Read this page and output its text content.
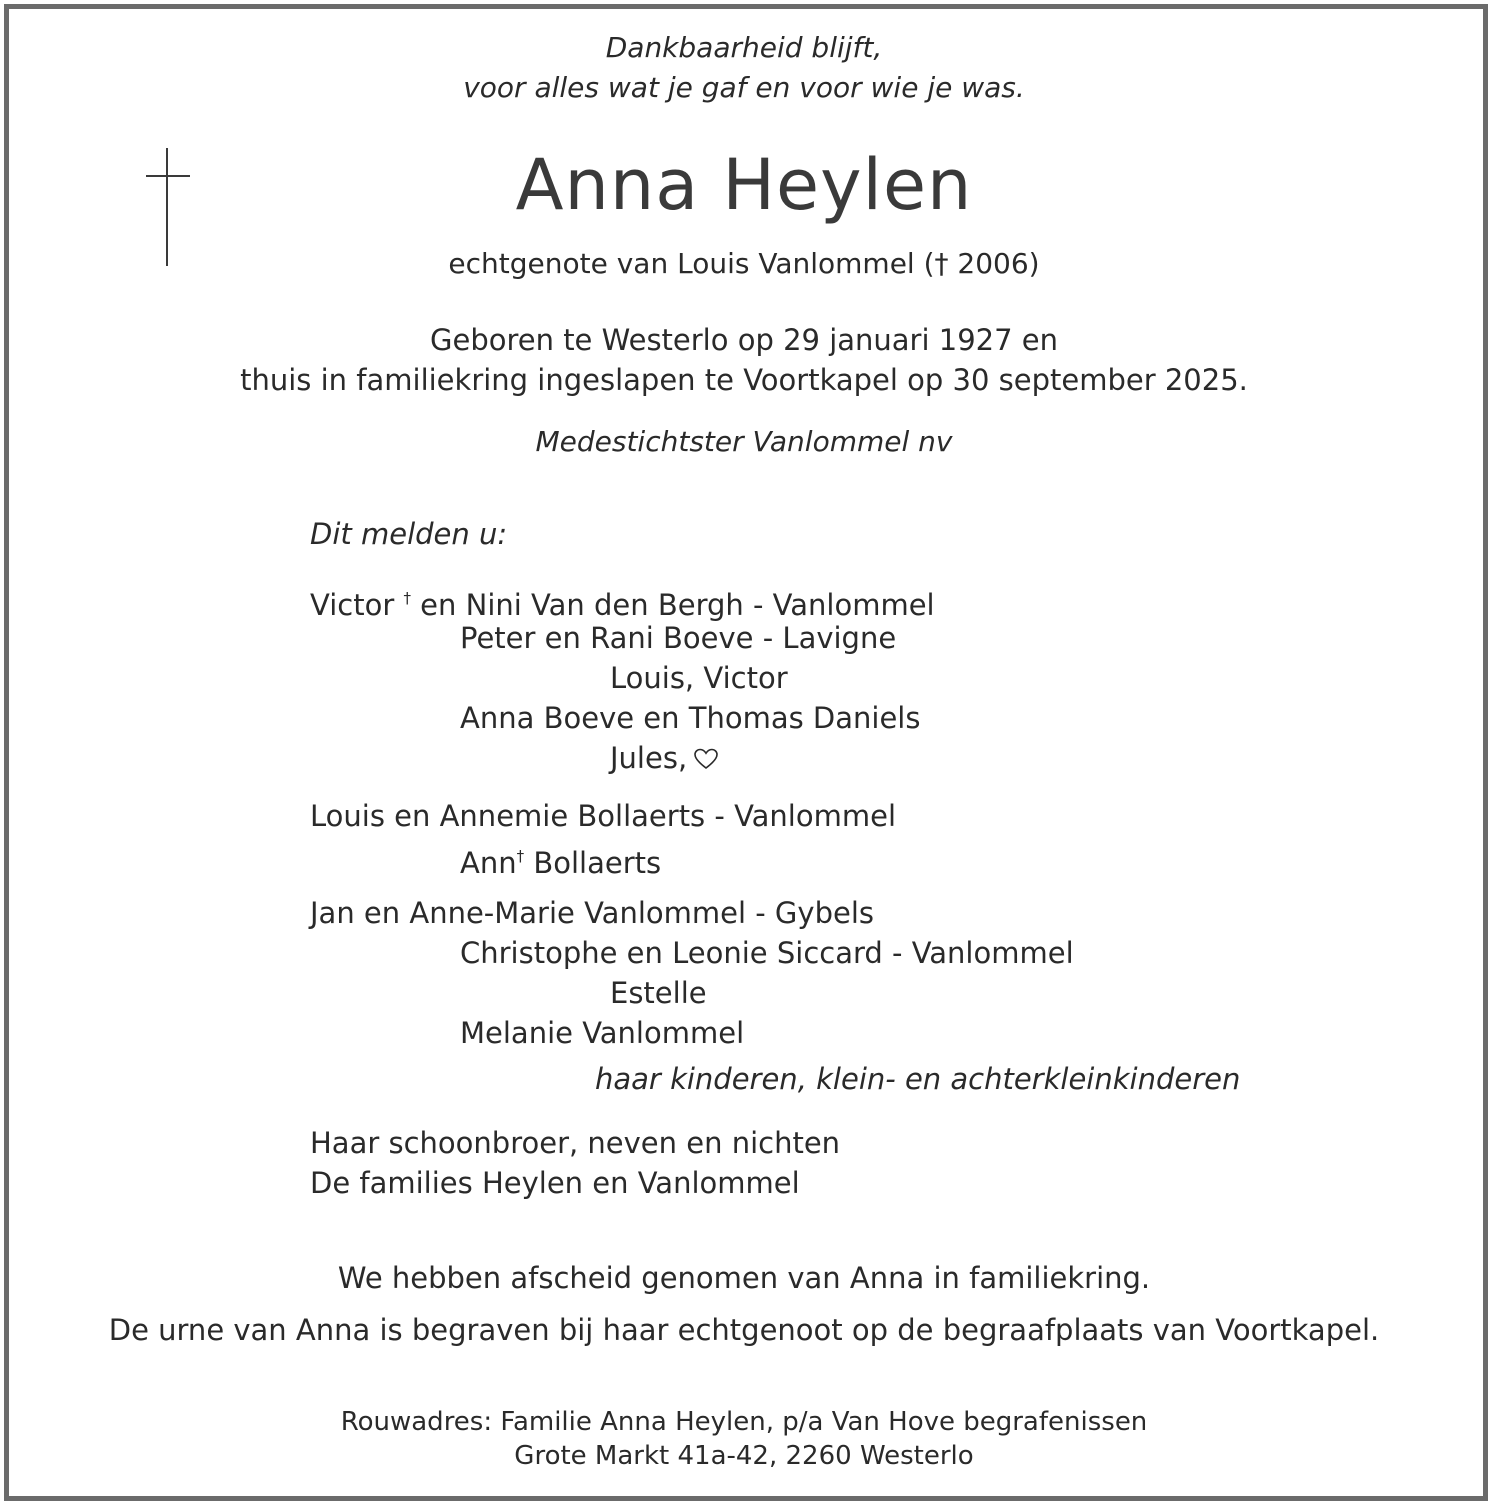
Dankbaarheid blijft,
voor alles wat je gaf en voor wie je was.
Anna Heylen
echtgenote van Louis Vanlommel († 2006)
Geboren te Westerlo op 29 januari 1927 en
thuis in familiekring ingeslapen te Voortkapel op 30 september 2025.
Medestichtster Vanlommel nv
Dit melden u:
Victor † en Nini Van den Bergh - Vanlommel
Peter en Rani Boeve - Lavigne
Louis, Victor
Anna Boeve en Thomas Daniels
Jules,
Louis en Annemie Bollaerts - Vanlommel
Ann† Bollaerts
Jan en Anne-Marie Vanlommel - Gybels
Christophe en Leonie Siccard - Vanlommel
Estelle
Melanie Vanlommel
haar kinderen, klein- en achterkleinkinderen
Haar schoonbroer, neven en nichten
De families Heylen en Vanlommel
We hebben afscheid genomen van Anna in familiekring.
De urne van Anna is begraven bij haar echtgenoot op de begraafplaats van Voortkapel.
Rouwadres: Familie Anna Heylen, p/a Van Hove begrafenissen
Grote Markt 41a-42, 2260 Westerlo
